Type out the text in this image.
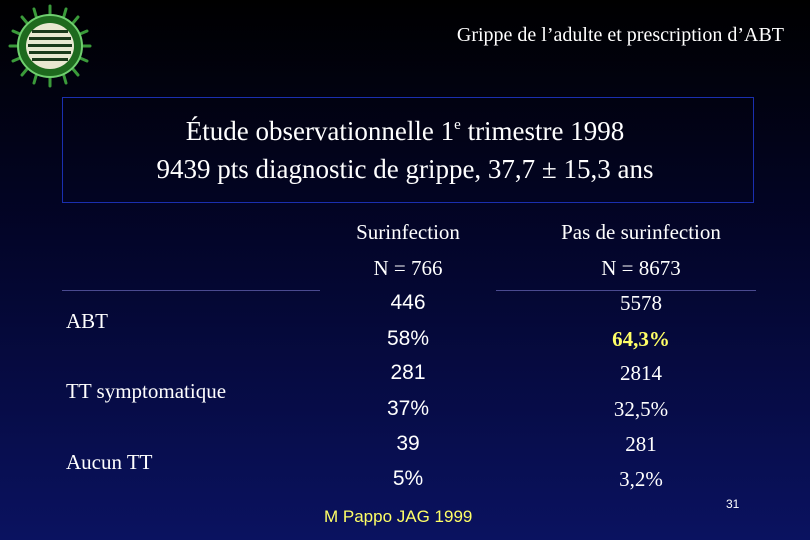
Grippe de l’adulte et prescription d’ABT
Étude observationnelle 1e trimestre 1998
9439 pts diagnostic de grippe, 37,7 ± 15,3 ans
Surinfection
N = 766
Pas de surinfection
N = 8673
ABT
446
58%
5578
64,3%
TT symptomatique
281
37%
2814
32,5%
Aucun TT
39
5%
281
3,2%
M Pappo JAG 1999
31
